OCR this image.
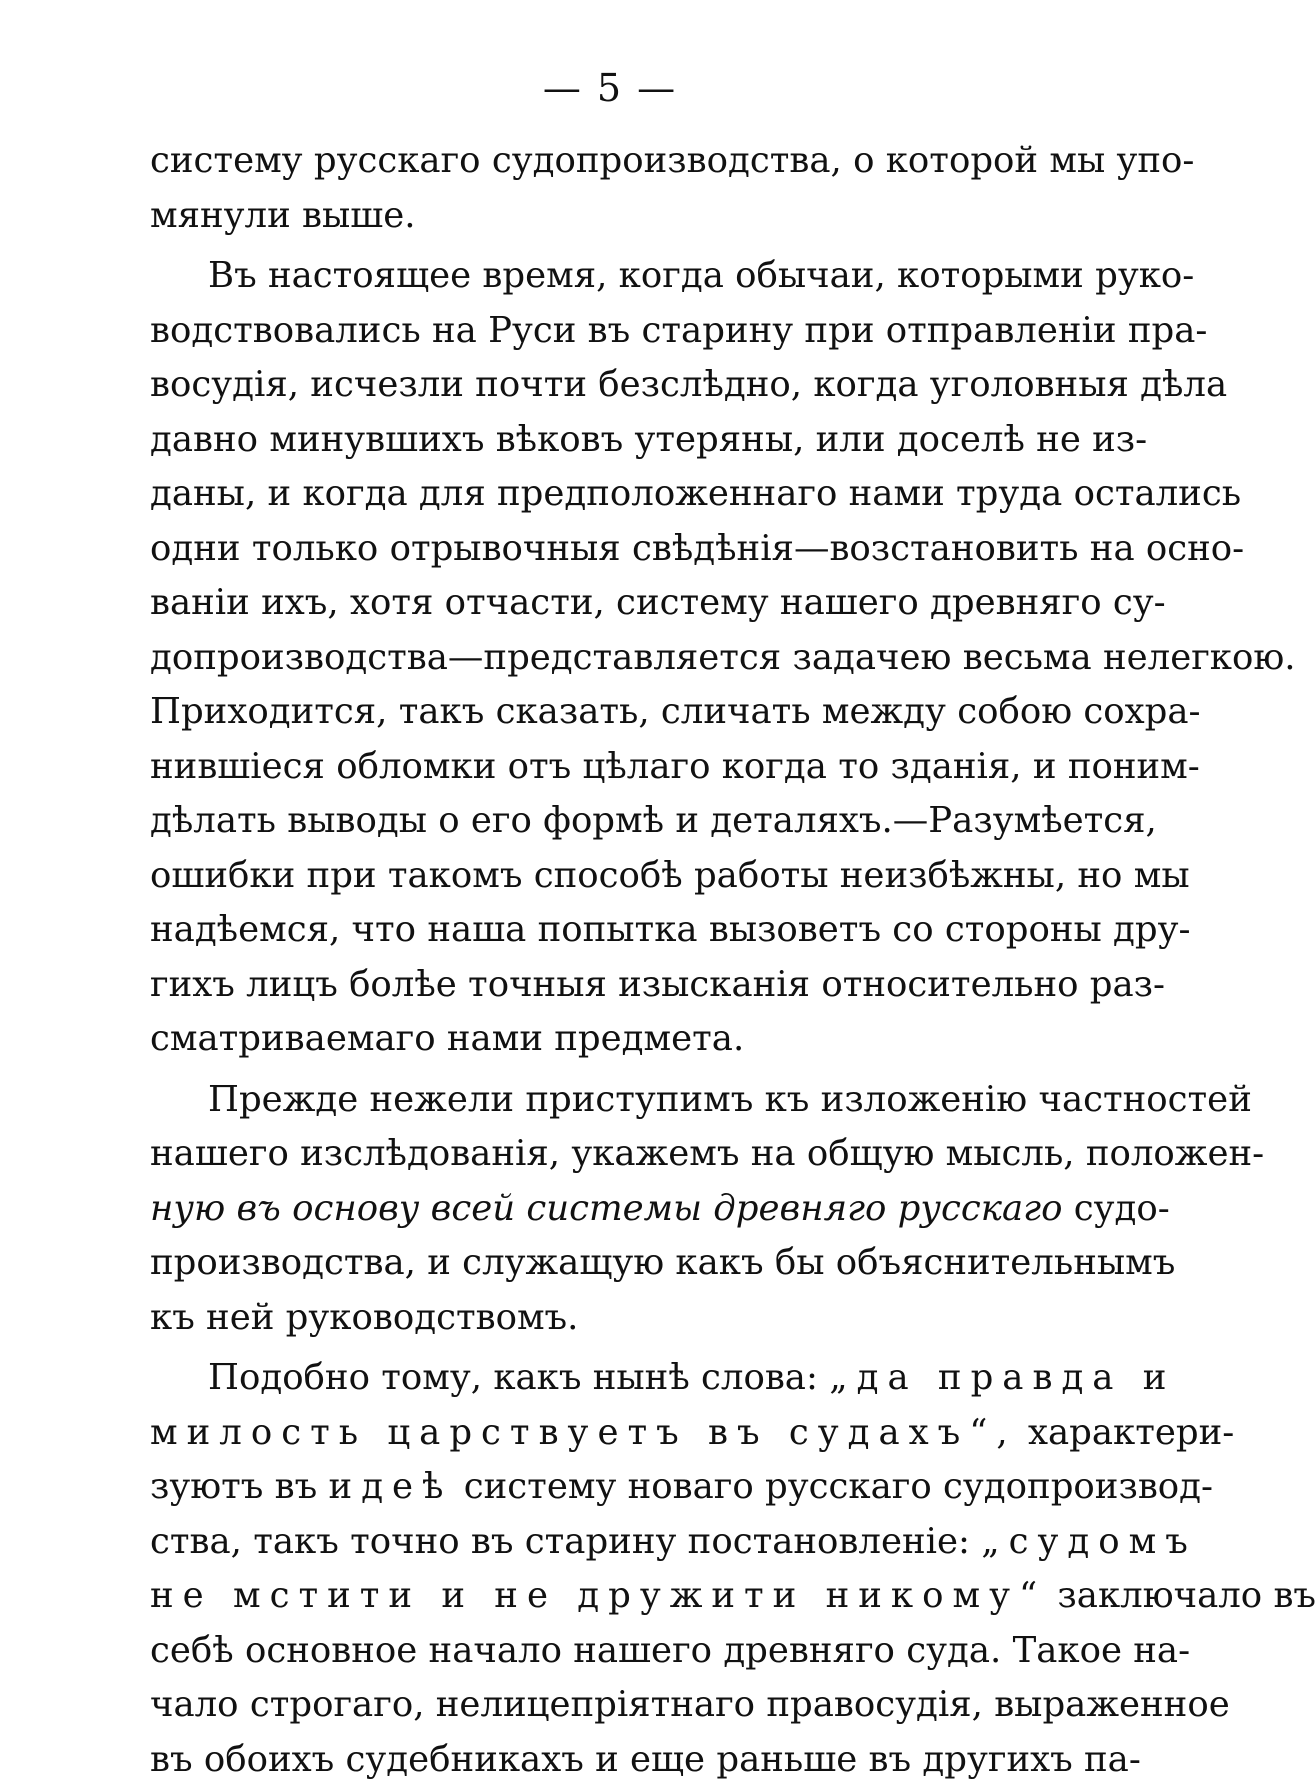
— 5 —
систему русскаго судопроизводства, о которой мы упо-
мянули выше.
Въ настоящее время, когда обычаи, которыми руко-
водствовались на Руси въ старину при отправленіи пра-
восудія, исчезли почти безслѣдно, когда уголовныя дѣла
давно минувшихъ вѣковъ утеряны, или доселѣ не из-
даны, и когда для предположеннаго нами труда остались
одни только отрывочныя свѣдѣнія—возстановить на осно-
ваніи ихъ, хотя отчасти, систему нашего древняго су-
допроизводства—представляется задачею весьма нелегкою.
Приходится, такъ сказать, сличать между собою сохра-
нившіеся обломки отъ цѣлаго когда то зданія, и поним-
дѣлать выводы о его формѣ и деталяхъ.—Разумѣется,
ошибки при такомъ способѣ работы неизбѣжны, но мы
надѣемся, что наша попытка вызоветъ со стороны дру-
гихъ лицъ болѣе точныя изысканія относительно раз-
сматриваемаго нами предмета.
Прежде нежели приступимъ къ изложенію частностей
нашего изслѣдованія, укажемъ на общую мысль, положен-
ную въ основу всей системы древняго русскаго судо-
производства, и служащую какъ бы объяснительнымъ
къ ней руководствомъ.
Подобно тому, какъ нынѣ слова: „да правда и
милость царствуетъ въ судахъ“, характери-
зуютъ въ идеѣ систему новаго русскаго судопроизвод-
ства, такъ точно въ старину постановленіе: „судомъ
не мстити и не дружити никому“ заключало въ
себѣ основное начало нашего древняго суда. Такое на-
чало строгаго, нелицепріятнаго правосудія, выраженное
въ обоихъ судебникахъ и еще раньше въ другихъ па-
